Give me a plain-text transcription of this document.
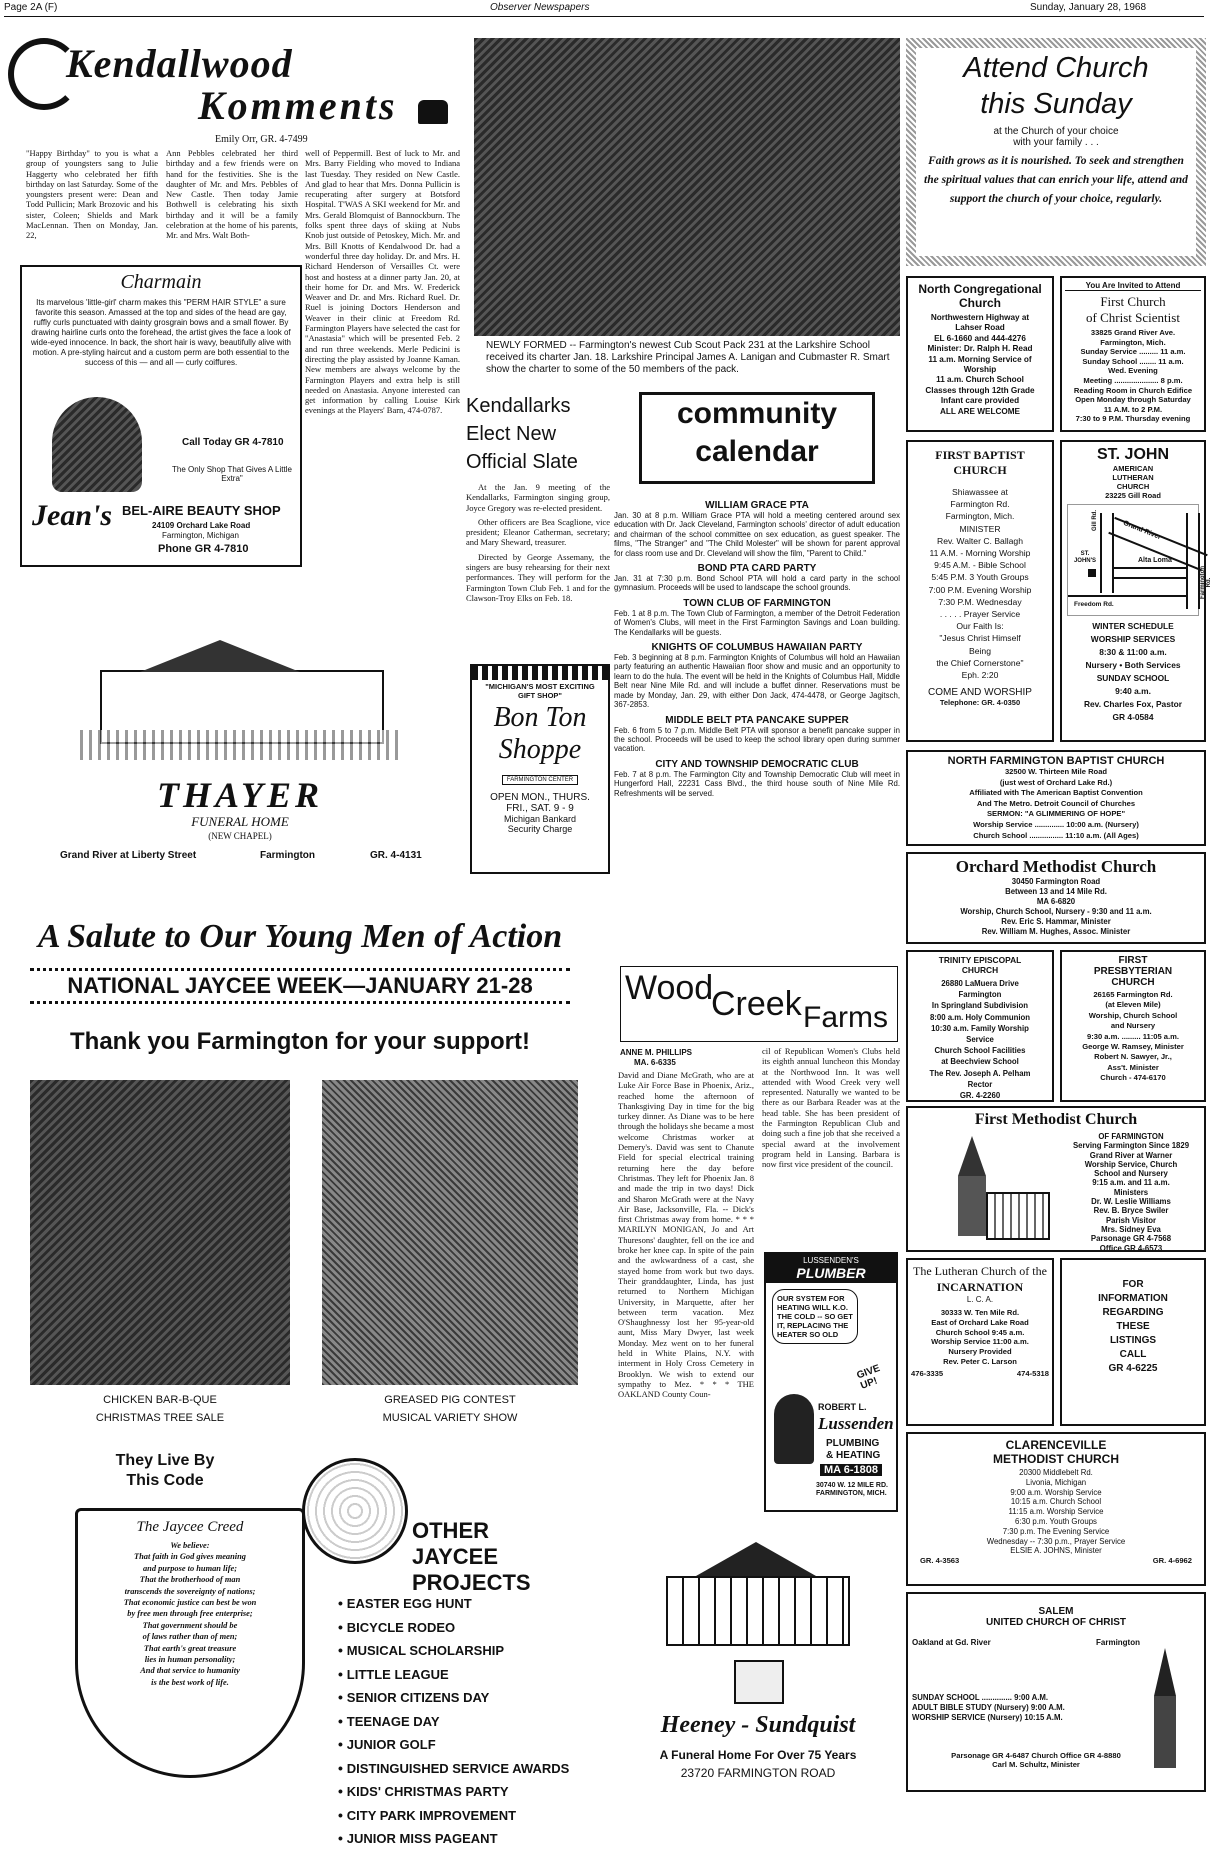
Page 2A (F)	Observer Newspapers	Sunday, January 28, 1968
Kendallwood
Komments
Emily Orr, GR. 4-7499
"Happy Birthday" to you is what a group of youngsters sang to Julie Haggerty who celebrated her fifth birthday on last Saturday. Some of the youngsters present were: Dean and Todd Pullicin; Mark Brozovic and his sister, Coleen; Shields and Mark MacLennan. Then on Monday, Jan. 22,
Ann Pebbles celebrated her third birthday and a few friends were on hand for the festivities. She is the daughter of Mr. and Mrs. Pebbles of New Castle. Then today Jamie Bothwell is celebrating his sixth birthday and it will be a family celebration at the home of his parents, Mr. and Mrs. Walt Both-
well of Peppermill. Best of luck to Mr. and Mrs. Barry Fielding who moved to Indiana last Tuesday. They resided on New Castle. And glad to hear that Mrs. Donna Pullicin is recuperating after surgery at Botsford Hospital. T'WAS A SKI weekend for Mr. and Mrs. Gerald Blomquist of Bannockburn. The folks spent three days of skiing at Nubs Knob just outside of Petoskey, Mich. Mr. and Mrs. Bill Knotts of Kendalwood Dr. had a wonderful three day holiday. Dr. and Mrs. H. Richard Henderson of Versailles Ct. were host and hostess at a dinner party Jan. 20, at their home for Dr. and Mrs. W. Frederick Weaver and Dr. and Mrs. Richard Ruel. Dr. Ruel is joining Doctors Henderson and Weaver in their clinic at Freedom Rd. Farmington Players have selected the cast for "Anastasia" which will be presented Feb. 2 and run three weekends. Merle Pedicini is directing the play assisted by Joanne Kaman. New members are always welcome by the Farmington Players and extra help is still needed on Anastasia. Anyone interested can get information by calling Louise Kirk evenings at the Players' Barn, 474-0787.
Charmain
Its marvelous 'little-girl' charm makes this "PERM HAIR STYLE" a sure favorite this season. Amassed at the top and sides of the head are gay, ruffly curls punctuated with dainty grosgrain bows and a small flower. By drawing hairline curls onto the forehead, the artist gives the face a look of wide-eyed innocence. In back, the short hair is wavy, beautifully alive with motion. A pre-styling haircut and a custom perm are both essential to the success of this — and all — curly coiffures.
Call Today GR 4-7810
The Only Shop That Gives A Little Extra"
Jean's BEL-AIRE BEAUTY SHOP
24109 Orchard Lake Road
Farmington, Michigan
Phone GR 4-7810
THAYER
FUNERAL HOME
(NEW CHAPEL)
Grand River at Liberty Street	Farmington	GR. 4-4131
NEWLY FORMED -- Farmington's newest Cub Scout Pack 231 at the Larkshire School received its charter Jan. 18. Larkshire Principal James A. Lanigan and Cubmaster R. Smart show the charter to some of the 50 members of the pack.
Kendallarks
Elect New
Official Slate
At the Jan. 9 meeting of the Kendallarks, Farmington singing group, Joyce Gregory was re-elected president.
Other officers are Bea Scaglione, vice president; Eleanor Catherman, secretary; and Mary Sheward, treasurer.
Directed by George Assemany, the singers are busy rehearsing for their next performances. They will perform for the Farmington Town Club Feb. 1 and for the Clawson-Troy Elks on Feb. 18.
"MICHIGAN'S MOST EXCITING GIFT SHOP"
Bon Ton
Shoppe
FARMINGTON CENTER
OPEN MON., THURS.
FRI., SAT. 9 - 9
Michigan Bankard
Security Charge
community
calendar
WILLIAM GRACE PTA
Jan. 30 at 8 p.m. William Grace PTA will hold a meeting centered around sex education with Dr. Jack Cleveland, Farmington schools' director of adult education and chairman of the school committee on sex education, as guest speaker. The films, "The Stranger" and "The Child Molester" will be shown for parent approval for class room use and Dr. Cleveland will show the film, "Parent to Child."
BOND PTA CARD PARTY
Jan. 31 at 7:30 p.m. Bond School PTA will hold a card party in the school gymnasium. Proceeds will be used to landscape the school grounds.
TOWN CLUB OF FARMINGTON
Feb. 1 at 8 p.m. The Town Club of Farmington, a member of the Detroit Federation of Women's Clubs, will meet in the First Farmington Savings and Loan building. The Kendallarks will be guests.
KNIGHTS OF COLUMBUS HAWAIIAN PARTY
Feb. 3 beginning at 8 p.m. Farmington Knights of Columbus will hold an Hawaiian party featuring an authentic Hawaiian floor show and music and an opportunity to learn to do the hula. The event will be held in the Knights of Columbus Hall, Middle Belt near Nine Mile Rd. and will include a buffet dinner. Reservations must be made by Monday, Jan. 29, with either Don Jack, 474-4478, or George Jagitsch, 367-2853.
MIDDLE BELT PTA PANCAKE SUPPER
Feb. 6 from 5 to 7 p.m. Middle Belt PTA will sponsor a benefit pancake supper in the school. Proceeds will be used to keep the school library open during summer vacation.
CITY AND TOWNSHIP DEMOCRATIC CLUB
Feb. 7 at 8 p.m. The Farmington City and Township Democratic Club will meet in Hungerford Hall, 22231 Cass Blvd., the third house south of Nine Mile Rd. Refreshments will be served.
A Salute to Our Young Men of Action
NATIONAL JAYCEE WEEK—JANUARY 21-28
Thank you Farmington for your support!
CHICKEN BAR-B-QUE
CHRISTMAS TREE SALE
GREASED PIG CONTEST
MUSICAL VARIETY SHOW
They Live By
This Code
The Jaycee Creed
We believe:
That faith in God gives meaning
and purpose to human life;
That the brotherhood of man
transcends the sovereignty of nations;
That economic justice can best be won
by free men through free enterprise;
That government should be
of laws rather than of men;
That earth's great treasure
lies in human personality;
And that service to humanity
is the best work of life.
OTHER
JAYCEE PROJECTS
• EASTER EGG HUNT
• BICYCLE RODEO
• MUSICAL SCHOLARSHIP
• LITTLE LEAGUE
• SENIOR CITIZENS DAY
• TEENAGE DAY
• JUNIOR GOLF
• DISTINGUISHED SERVICE AWARDS
• KIDS' CHRISTMAS PARTY
• CITY PARK IMPROVEMENT
• JUNIOR MISS PAGEANT
Wood
Creek Farms
ANNE M. PHILLIPS
MA. 6-6335
David and Diane McGrath, who are at Luke Air Force Base in Phoenix, Ariz., reached home the afternoon of Thanksgiving Day in time for the big turkey dinner. As Diane was to be here through the holidays she became a most welcome Christmas worker at Demery's. David was sent to Chanute Field for special electrical training returning here the day before Christmas. They left for Phoenix Jan. 8 and made the trip in two days! Dick and Sharon McGrath were at the Navy Air Base, Jacksonville, Fla. -- Dick's first Christmas away from home. * * * MARILYN MONIGAN, Jo and Art Thuresons' daughter, fell on the ice and broke her knee cap. In spite of the pain and the awkwardness of a cast, she stayed home from work but two days. Their granddaughter, Linda, has just returned to Northern Michigan University, in Marquette, after her between term vacation. Mez O'Shaughnessy lost her 95-year-old aunt, Miss Mary Dwyer, last week Monday. Mez went on to her funeral held in White Plains, N.Y. with interment in Holy Cross Cemetery in Brooklyn. We wish to extend our sympathy to Mez. * * * THE OAKLAND County Coun-
cil of Republican Women's Clubs held its eighth annual luncheon this Monday at the Northwood Inn. It was well attended with Wood Creek very well represented. Naturally we wanted to be there as our Barbara Reader was at the head table. She has been president of the Farmington Republican Club and doing such a fine job that she received a special award at the involvement program held in Lansing. Barbara is now first vice president of the council.
LUSSENDEN'S
PLUMBER
OUR SYSTEM FOR HEATING WILL K.O. THE COLD -- SO GET IT, REPLACING THE HEATER SO OLD
GIVE UP!
ROBERT L.
Lussenden
PLUMBING
& HEATING
MA 6-1808
30740 W. 12 MILE RD. FARMINGTON, MICH.
Heeney - Sundquist
A Funeral Home For Over 75 Years
23720 FARMINGTON ROAD
Attend Church
this Sunday
at the Church of your choice
with your family . . .
Faith grows as it is nourished. To seek and strengthen the spiritual values that can enrich your life, attend and support the church of your choice, regularly.
North Congregational Church
Northwestern Highway at
Lahser Road
EL 6-1660 and 444-4276
Minister: Dr. Ralph H. Read
11 a.m. Morning Service of
Worship
11 a.m. Church School
Classes through 12th Grade
Infant care provided
ALL ARE WELCOME
You Are Invited to Attend
First Church
of Christ Scientist
33825 Grand River Ave.
Farmington, Mich.
Sunday Service ......... 11 a.m.
Sunday School ........ 11 a.m.
Wed. Evening
Meeting ..................... 8 p.m.
Reading Room in Church Edifice
Open Monday through Saturday
11 A.M. to 2 P.M.
7:30 to 9 P.M. Thursday evening
FIRST BAPTIST
CHURCH
Shiawassee at
Farmington Rd.
Farmington, Mich.
MINISTER
Rev. Walter C. Ballagh
11 A.M. - Morning Worship
9:45 A.M. - Bible School
5:45 P.M. 3 Youth Groups
7:00 P.M. Evening Worship
7:30 P.M. Wednesday
. . . . . Prayer Service
Our Faith Is:
"Jesus Christ Himself
Being
the Chief Cornerstone"
Eph. 2:20
COME AND WORSHIP
Telephone: GR. 4-0350
ST. JOHN
AMERICAN
LUTHERAN
CHURCH
23225 Gill Road
Grand River
Gill Rd.
Farmington Rd.
Alta Loma
ST. JOHN'S
Freedom Rd.
WINTER SCHEDULE
WORSHIP SERVICES
8:30 & 11:00 a.m.
Nursery • Both Services
SUNDAY SCHOOL
9:40 a.m.
Rev. Charles Fox, Pastor
GR 4-0584
NORTH FARMINGTON BAPTIST CHURCH
32500 W. Thirteen Mile Road
(just west of Orchard Lake Rd.)
Affiliated with The American Baptist Convention
And The Metro. Detroit Council of Churches
SERMON: "A GLIMMERING OF HOPE"
Worship Service .............. 10:00 a.m. (Nursery)
Church School ................ 11:10 a.m. (All Ages)
Orchard Methodist Church
30450 Farmington Road
Between 13 and 14 Mile Rd.
MA 6-6820
Worship, Church School, Nursery - 9:30 and 11 a.m.
Rev. Eric S. Hammar, Minister
Rev. William M. Hughes, Assoc. Minister
TRINITY EPISCOPAL
CHURCH
26880 LaMuera Drive
Farmington
In Springland Subdivision
8:00 a.m. Holy Communion
10:30 a.m. Family Worship
Service
Church School Facilities
at Beechview School
The Rev. Joseph A. Pelham
Rector
GR. 4-2260
FIRST
PRESBYTERIAN
CHURCH
26165 Farmington Rd.
(at Eleven Mile)
Worship, Church School
and Nursery
9:30 a.m. ......... 11:05 a.m.
George W. Ramsey, Minister
Robert N. Sawyer, Jr.,
Ass't. Minister
Church - 474-6170
First Methodist Church
OF FARMINGTON
Serving Farmington Since 1829
Grand River at Warner
Worship Service, Church
School and Nursery
9:15 a.m. and 11 a.m.
Ministers
Dr. W. Leslie Williams
Rev. B. Bryce Swiler
Parish Visitor
Mrs. Sidney Eva
Parsonage GR 4-7568
Office GR 4-6573
The Lutheran Church of the
INCARNATION
L. C. A.
30333 W. Ten Mile Rd.
East of Orchard Lake Road
Church School 9:45 a.m.
Worship Service 11:00 a.m.
Nursery Provided
Rev. Peter C. Larson
476-3335	474-5318
FOR
INFORMATION
REGARDING
THESE
LISTINGS
CALL
GR 4-6225
CLARENCEVILLE
METHODIST CHURCH
20300 Middlebelt Rd.
Livonia, Michigan
9:00 a.m. Worship Service
10:15 a.m. Church School
11:15 a.m. Worship Service
6:30 p.m. Youth Groups
7:30 p.m. The Evening Service
Wednesday -- 7:30 p.m., Prayer Service
ELSIE A. JOHNS, Minister
GR. 4-3563	GR. 4-6962
SALEM
UNITED CHURCH OF CHRIST
Oakland at Gd. River	Farmington
SUNDAY SCHOOL .............. 9:00 A.M.
ADULT BIBLE STUDY (Nursery) 9:00 A.M.
WORSHIP SERVICE (Nursery) 10:15 A.M.
Parsonage GR 4-6487 Church Office GR 4-8880
Carl M. Schultz, Minister
